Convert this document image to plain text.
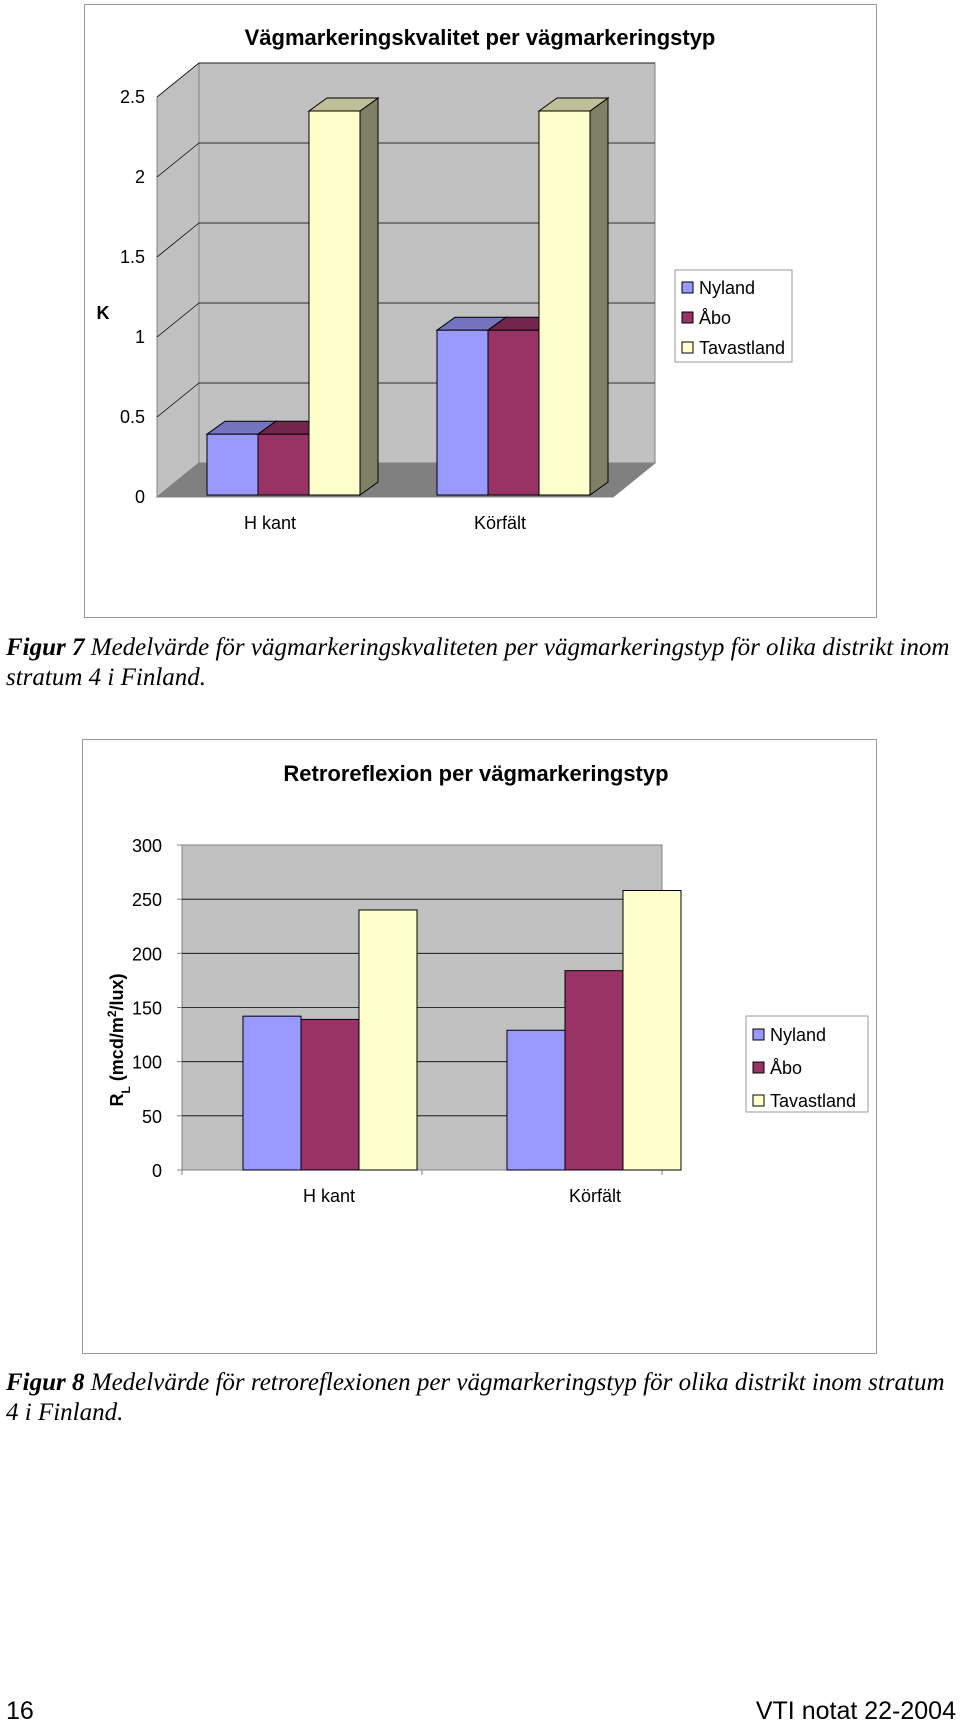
Vägmarkeringskvalitet per vägmarkeringstyp
0
0.5
1
1.5
2
2.5
K
H kant	Körfält
Nyland
Åbo
Tavastland
Figur 7 Medelvärde för vägmarkeringskvaliteten per vägmarkeringstyp för olika distrikt inom stratum 4 i Finland.
Retroreflexion per vägmarkeringstyp
0
50
100
150
200
250
300
$R_L$ $(mcd/m^2/lux)$
H kant	Körfält
Nyland
Åbo
Tavastland
Figur 8 Medelvärde för retroreflexionen per vägmarkeringstyp för olika distrikt inom stratum 4 i Finland.
16	VTI notat 22-2004
